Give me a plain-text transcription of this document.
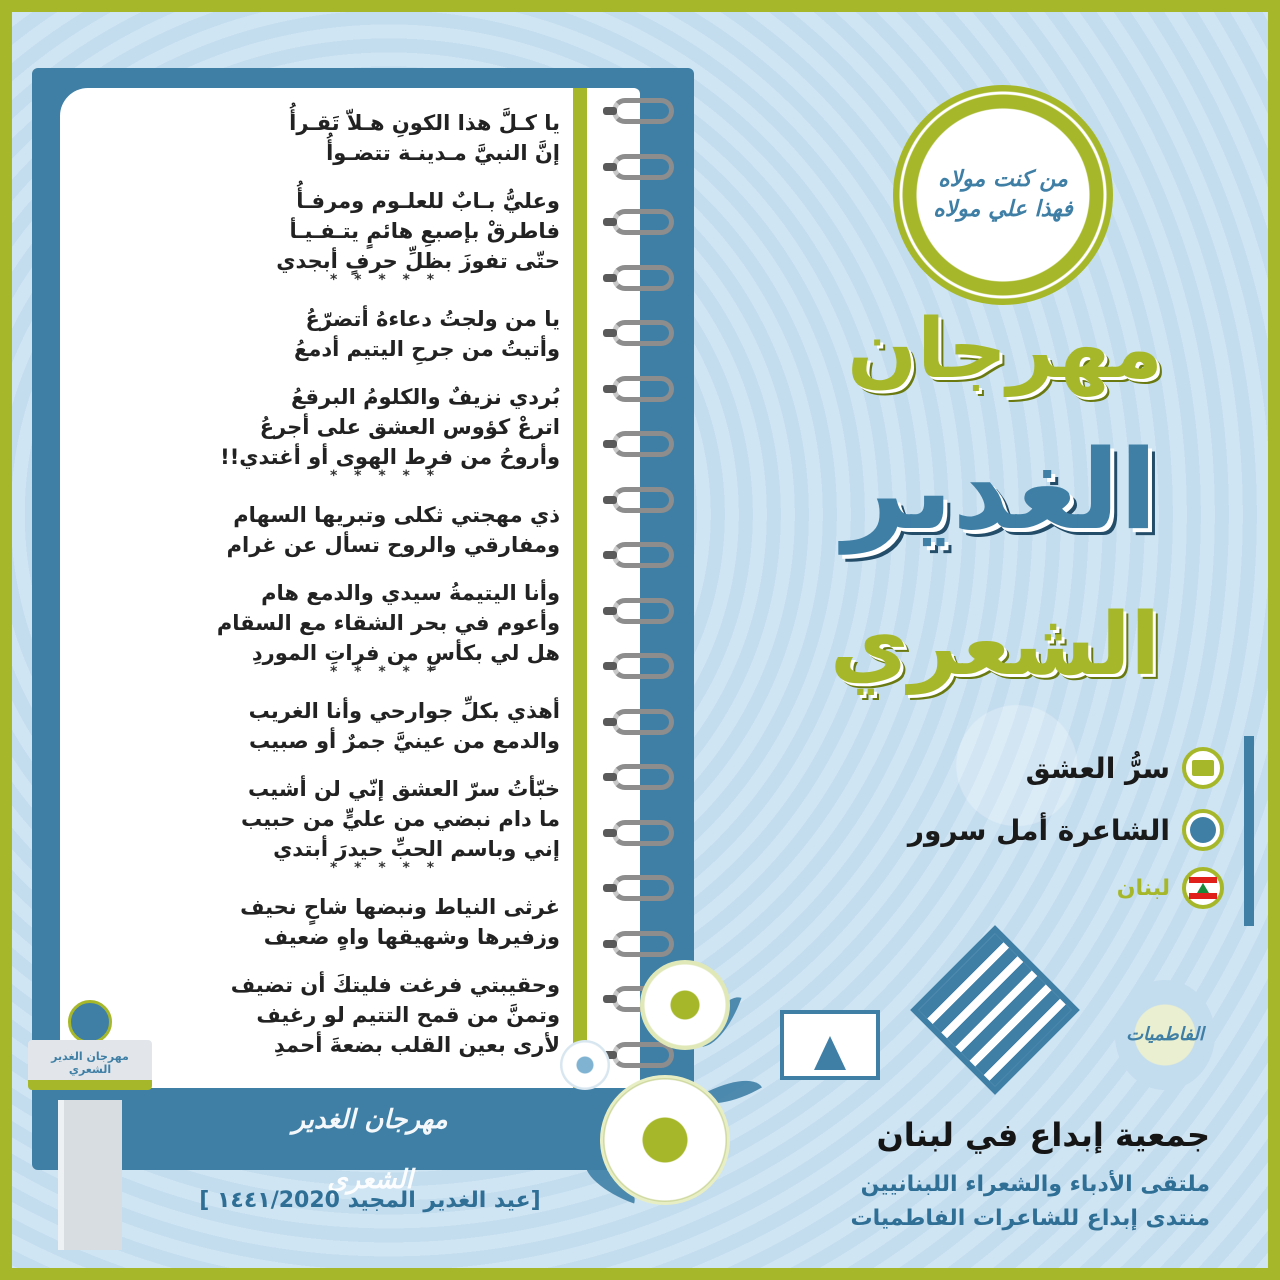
يا كـلَّ هذا الكونِ هـلاّ تَقـرأُ
إنَّ النبيَّ مـدينـة تتضـوأُ
وعليُّ بـابٌ للعلـوم ومرفـأُ
فاطرقْ بإصبعِ هائمٍ يتـفـيـأ
حتّى تفوزَ بظلِّ حرفٍ أبجدي
* * * * *
يا من ولجتُ دعاءهُ أتضرّعُ
وأتيتُ من جرحِ اليتيم أدمعُ
بُردي نزيفٌ والكلومُ البرقعُ
اترعْ كؤوس العشق على أجرعُ
وأروحُ من فرط الهوى أو أغتدي!!
* * * * *
ذي مهجتي ثكلى وتبريها السهام
ومفارقي والروح تسأل عن غرام
وأنا اليتيمةُ سيدي والدمع هام
وأعوم في بحر الشقاء مع السقام
هل لي بكأسٍ من فراتِ الموردِ
* * * * *
أهذي بكلِّ جوارحي وأنا الغريب
والدمع من عينيَّ جمرٌ أو صبيب
خبّأتُ سرّ العشق إنّي لن أشيب
ما دام نبضي من عليٍّ من حبيب
إني وباسم الحبِّ حيدرَ أبتدي
* * * * *
غرثى النياط ونبضها شاحٍ نحيف
وزفيرها وشهيقها واهٍ ضعيف
وحقيبتي فرغت فليتكَ أن تضيف
وتمنَّ من قمح التتيم لو رغيف
لأرى بعين القلب بضعةَ أحمدِ
مهرجان الغدير الشعري
[عيد الغدير المجيد ١٤٤١/2020 ]
مهرجان الغدير الشعري
من كنت مولاه فهذا علي مولاه
مهرجان
الغدير
الشعري
سرُّ العشق
الشاعرة أمل سرور
لبنان
الفاطميات
جمعية إبداع في لبنان
ملتقى الأدباء والشعراء اللبنانيين
منتدى إبداع للشاعرات الفاطميات
